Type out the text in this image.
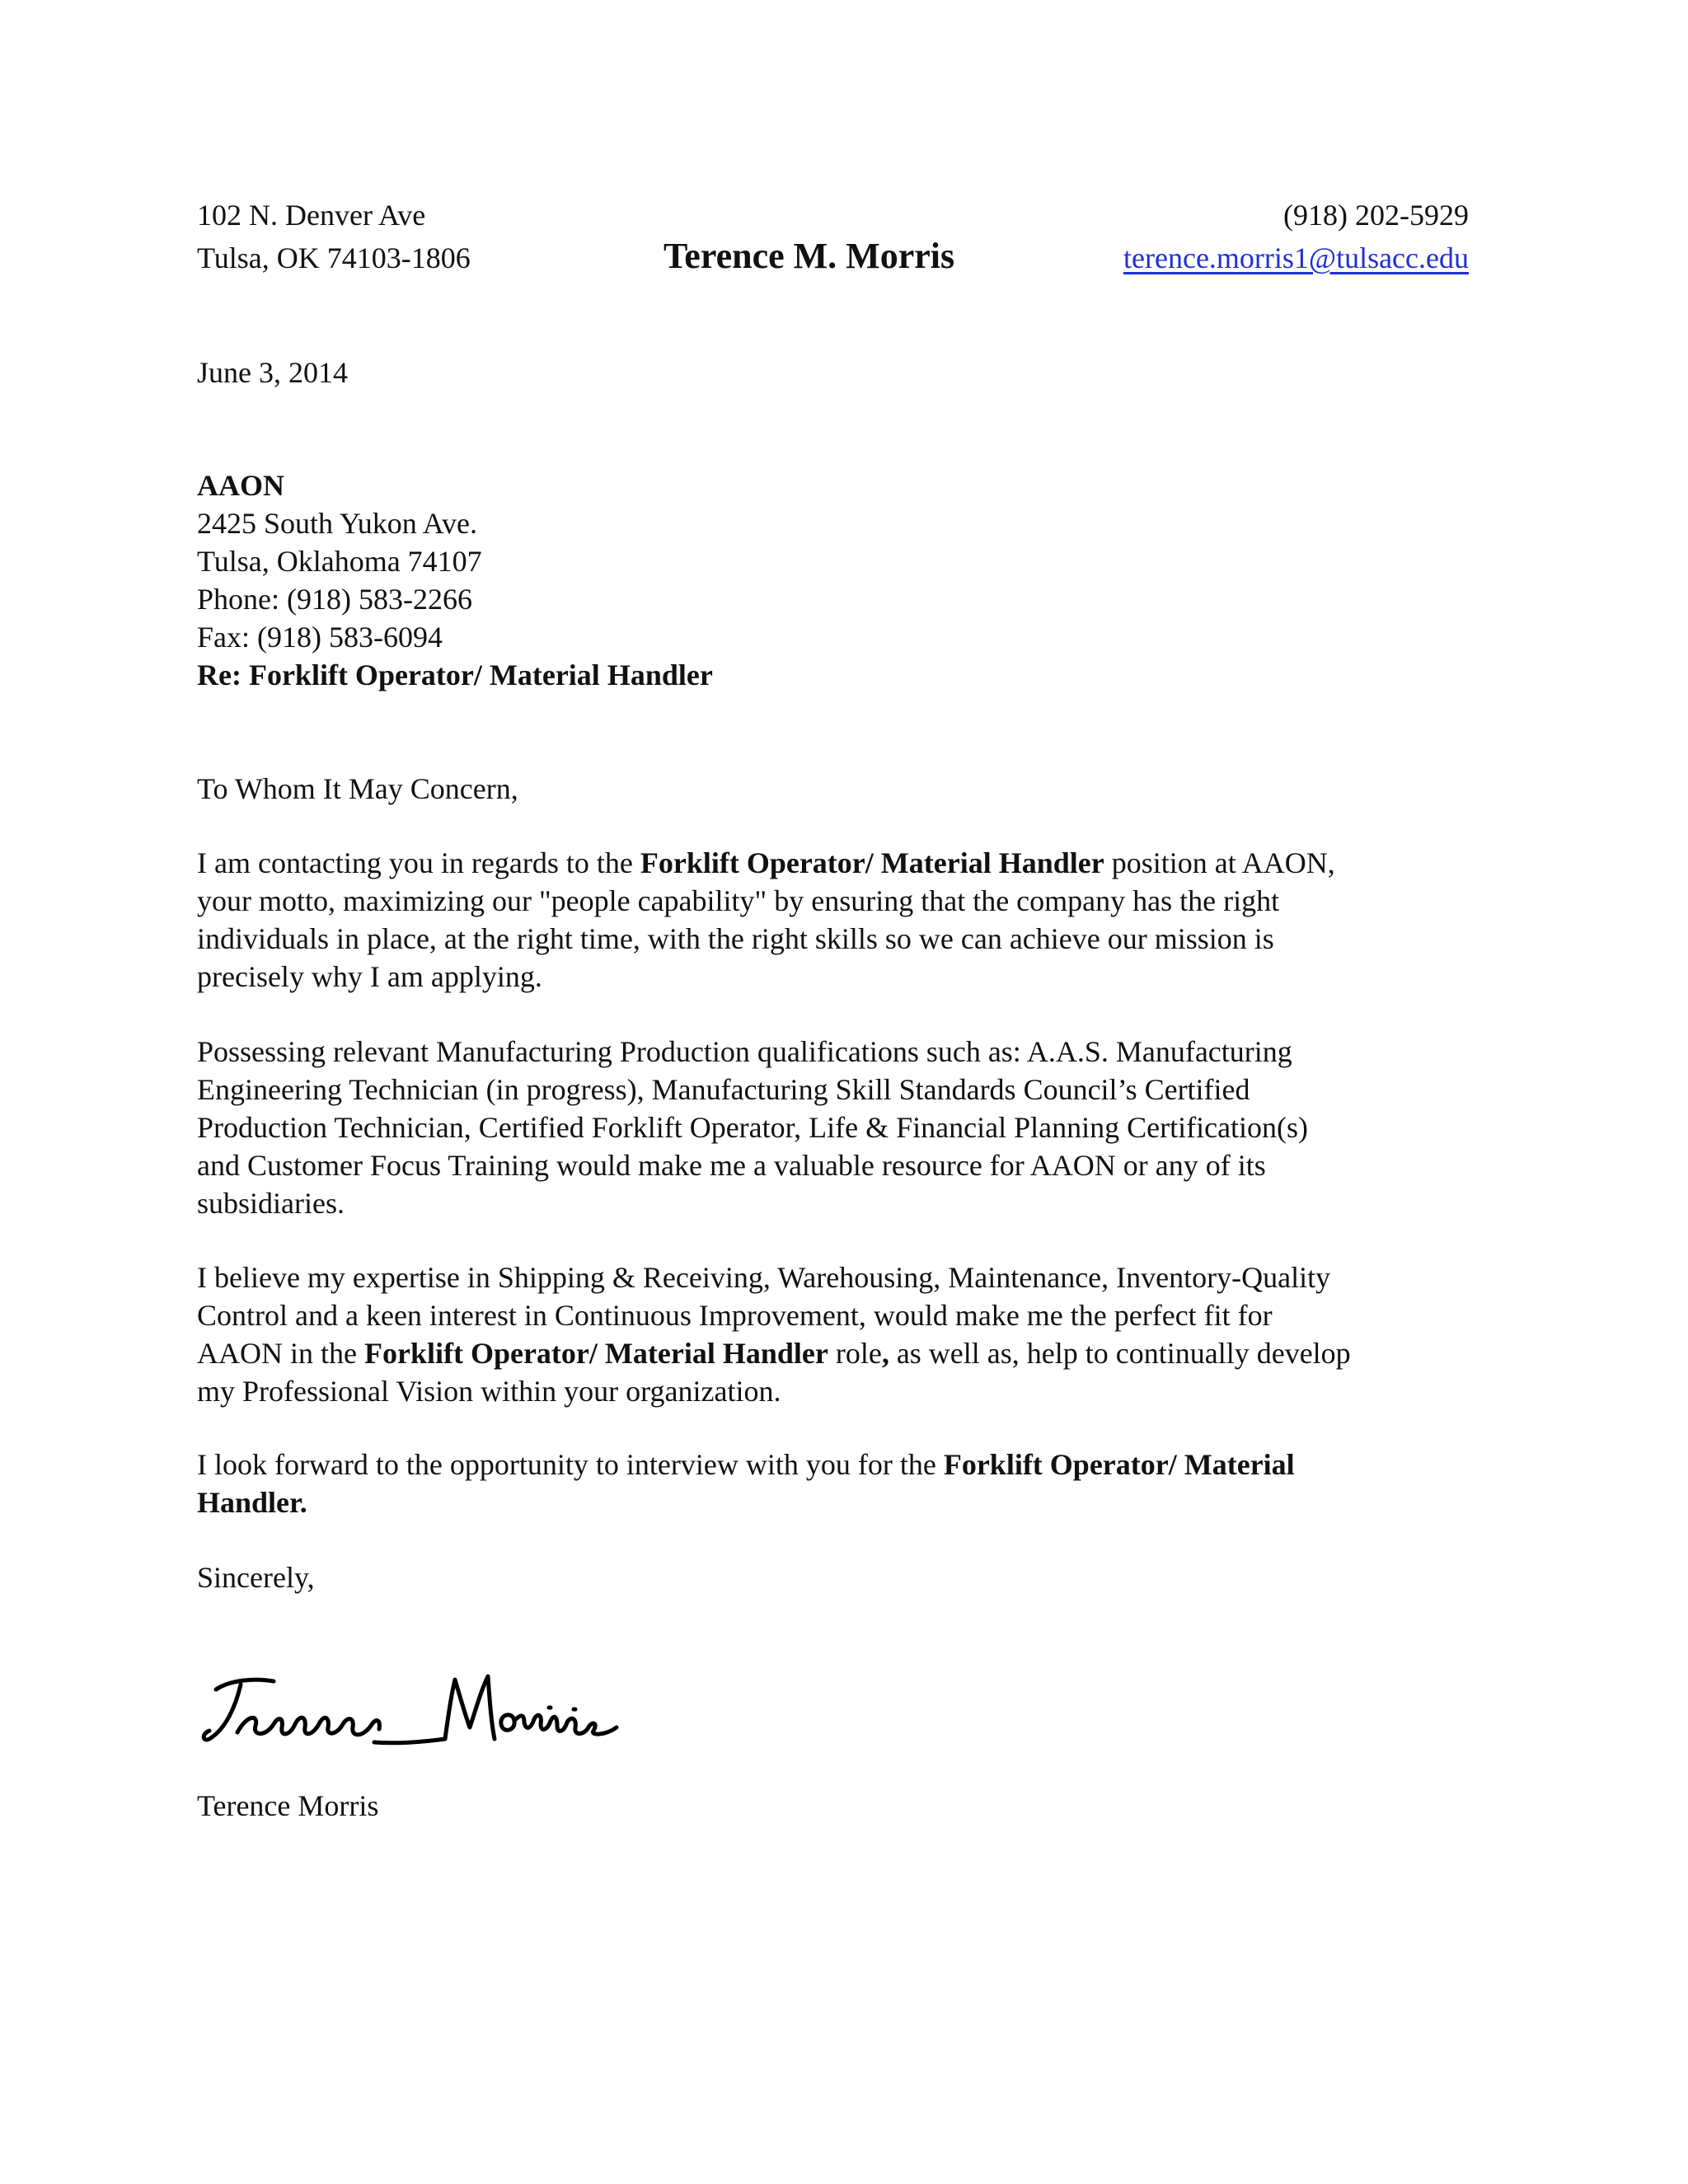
102 N. Denver Ave
Tulsa, OK 74103-1806	Terence M. Morris
(918) 202-5929
terence.morris1@tulsacc.edu
June 3, 2014
AAON
2425 South Yukon Ave.
Tulsa, Oklahoma 74107
Phone: (918) 583-2266
Fax: (918) 583-6094
Re: Forklift Operator/ Material Handler
To Whom It May Concern,
I am contacting you in regards to the Forklift Operator/ Material Handler position at AAON,
your motto, maximizing our "people capability" by ensuring that the company has the right
individuals in place, at the right time, with the right skills so we can achieve our mission is
precisely why I am applying.
Possessing relevant Manufacturing Production qualifications such as: A.A.S. Manufacturing
Engineering Technician (in progress), Manufacturing Skill Standards Council’s Certified
Production Technician, Certified Forklift Operator, Life & Financial Planning Certification(s)
and Customer Focus Training would make me a valuable resource for AAON or any of its
subsidiaries.
I believe my expertise in Shipping & Receiving, Warehousing, Maintenance, Inventory-Quality
Control and a keen interest in Continuous Improvement, would make me the perfect fit for
AAON in the Forklift Operator/ Material Handler role, as well as, help to continually develop
my Professional Vision within your organization.
I look forward to the opportunity to interview with you for the Forklift Operator/ Material
Handler.
Sincerely,
Terence Morris
